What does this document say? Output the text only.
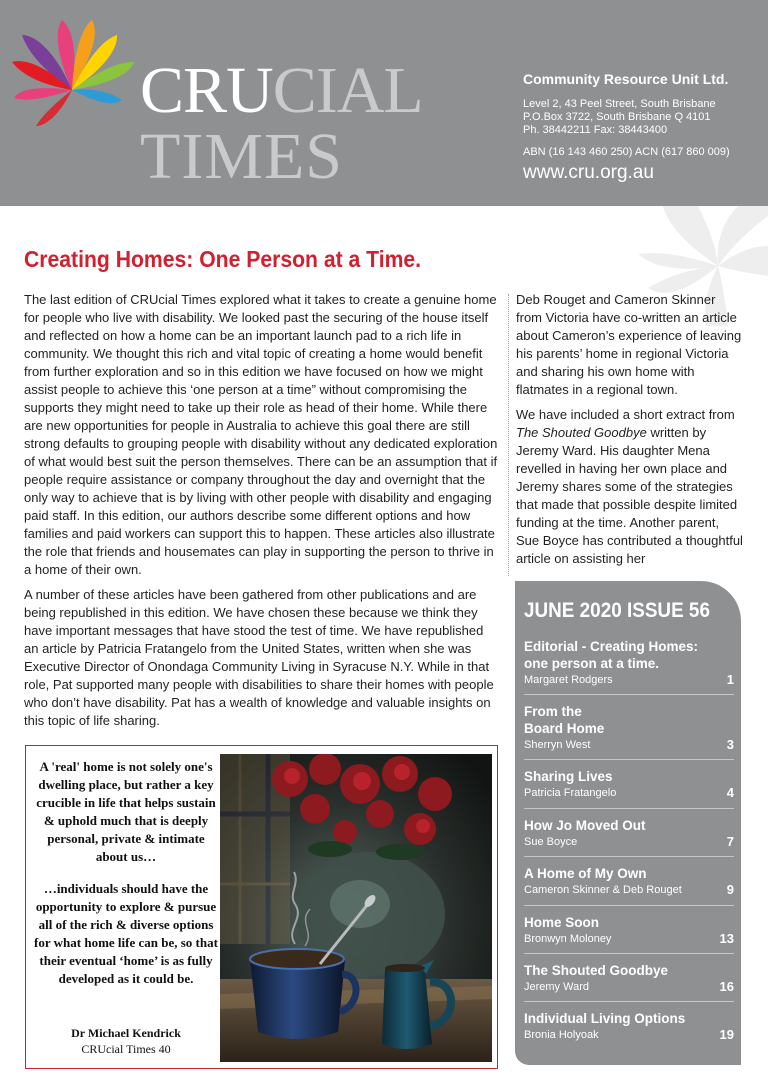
CRUCIAL
TIMES
Community Resource Unit Ltd.
Level 2, 43 Peel Street, South Brisbane
P.O.Box 3722, South Brisbane Q 4101
Ph. 38442211 Fax: 38443400
ABN (16 143 460 250) ACN (617 860 009)
www.cru.org.au
Creating Homes: One Person at a Time.

The last edition of CRUcial Times explored what it takes to create a genuine home for people who live with disability. We looked past the securing of the house itself and reflected on how a home can be an important launch pad to a rich life in community. We thought this rich and vital topic of creating a home would benefit from further exploration and so in this edition we have focused on how we might assist people to achieve this ‘one person at a time” without compromising the supports they might need to take up their role as head of their home. While there are new opportunities for people in Australia to achieve this goal there are still strong defaults to grouping people with disability without any dedicated exploration of what would best suit the person themselves. There can be an assumption that if people require assistance or company throughout the day and overnight that the only way to achieve that is by living with other people with disability and engaging paid staff. In this edition, our authors describe some different options and how families and paid workers can support this to happen. These articles also illustrate the role that friends and housemates can play in supporting the person to thrive in a home of their own.

A number of these articles have been gathered from other publications and are being republished in this edition. We have chosen these because we think they have important messages that have stood the test of time. We have republished an article by Patricia Fratangelo from the United States, written when she was Executive Director of Onondaga Community Living in Syracuse N.Y. While in that role, Pat supported many people with disabilities to share their homes with people who don’t have disability. Pat has a wealth of knowledge and valuable insights on this topic of life sharing.

Deb Rouget and Cameron Skinner from Victoria have co-written an article about Cameron’s experience of leaving his parents’ home in regional Victoria and sharing his own home with flatmates in a regional town.

We have included a short extract from The Shouted Goodbye written by Jeremy Ward. His daughter Mena revelled in having her own place and Jeremy shares some of the strategies that made that possible despite limited funding at the time. Another parent, Sue Boyce has contributed a thoughtful article on assisting her

A 'real' home is not solely one's dwelling place, but rather a key crucible in life that helps sustain & uphold much that is deeply personal, private & intimate about us…

…individuals should have the opportunity to explore & pursue all of the rich & diverse options for what home life can be, so that their eventual ‘home’ is as fully developed as it could be.

Dr Michael Kendrick
CRUcial Times 40
JUNE 2020 ISSUE 56
Editorial - Creating Homes: one person at a time.
Margaret Rodgers	1
From the Board Home
Sherryn West	3
Sharing Lives
Patricia Fratangelo	4
How Jo Moved Out
Sue Boyce	7
A Home of My Own
Cameron Skinner & Deb Rouget	9
Home Soon
Bronwyn Moloney	13
The Shouted Goodbye
Jeremy Ward	16
Individual Living Options
Bronia Holyoak	19
